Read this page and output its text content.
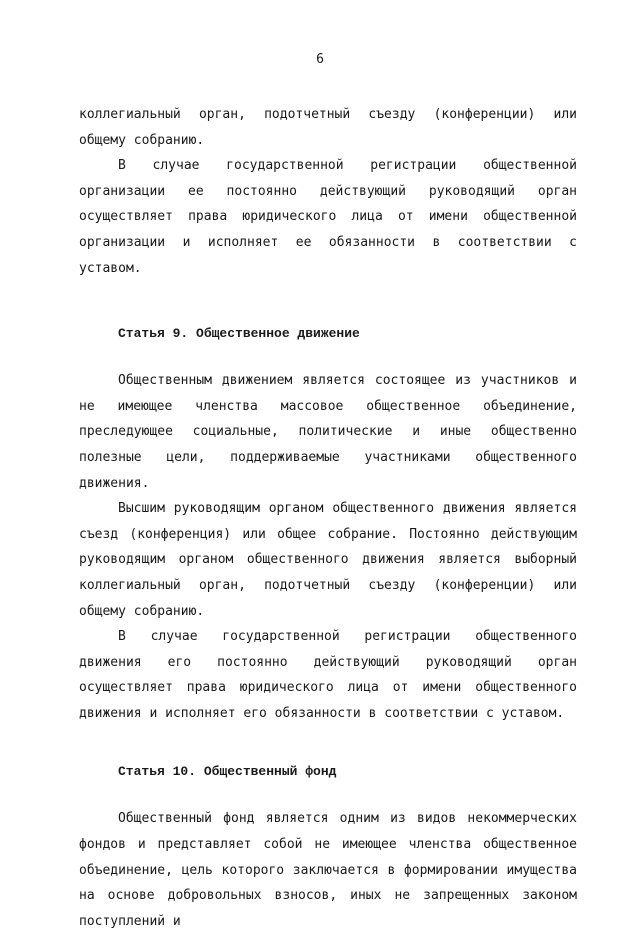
6

коллегиальный орган, подотчетный съезду (конференции) или общему собранию.

В случае государственной регистрации общественной организации ее постоянно действующий руководящий орган осуществляет права юридического лица от имени общественной организации и исполняет ее обязанности в соответствии с уставом.

Статья 9. Общественное движение

Общественным движением является состоящее из участников и не имеющее членства массовое общественное объединение, преследующее социальные, политические и иные общественно полезные цели, поддерживаемые участниками общественного движения.

Высшим руководящим органом общественного движения является съезд (конференция) или общее собрание. Постоянно действующим руководящим органом общественного движения является выборный коллегиальный орган, подотчетный съезду (конференции) или общему собранию.

В случае государственной регистрации общественного движения его постоянно действующий руководящий орган осуществляет права юридического лица от имени общественного движения и исполняет его обязанности в соответствии с уставом.

Статья 10. Общественный фонд

Общественный фонд является одним из видов некоммерческих фондов и представляет собой не имеющее членства общественное объединение, цель которого заключается в формировании имущества на основе добровольных взносов, иных не запрещенных законом поступлений и
